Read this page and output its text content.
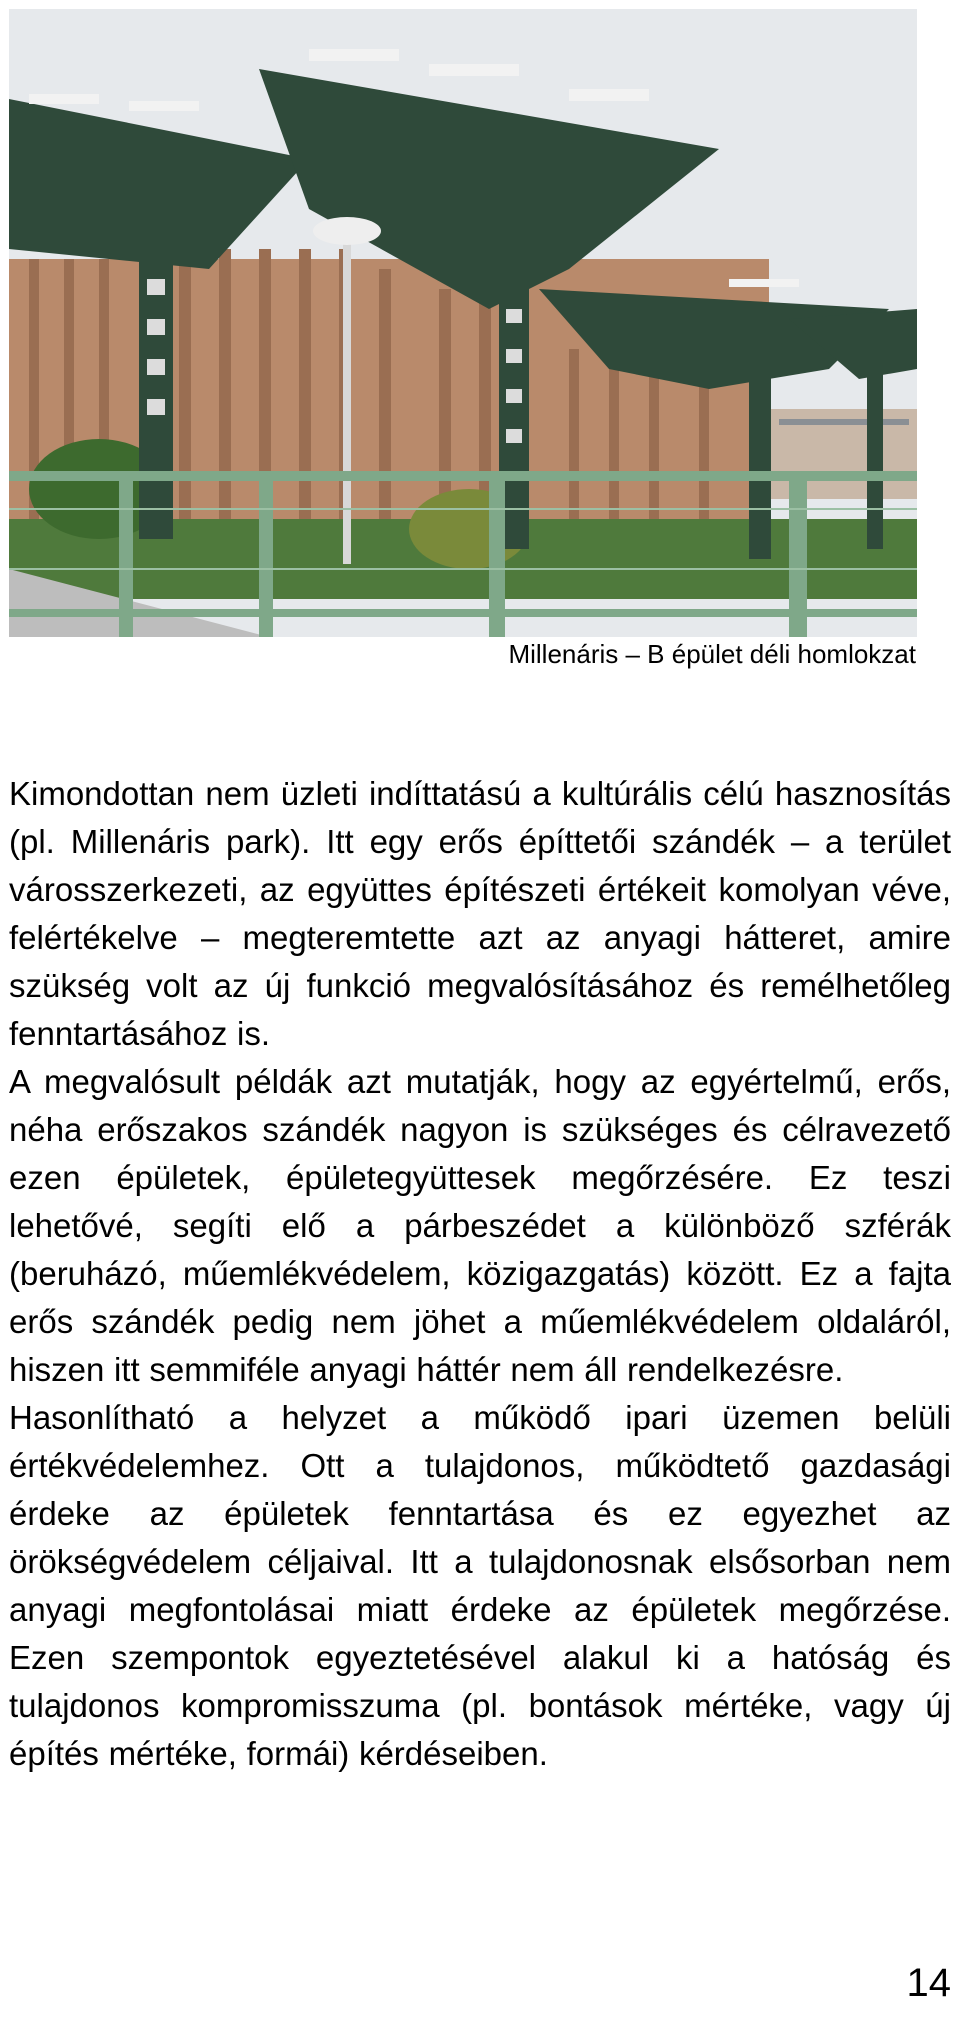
Millenáris – B épület déli homlokzat

Kimondottan nem üzleti indíttatású a kultúrális célú hasznosítás (pl. Millenáris park). Itt egy erős építtetői szándék – a terület városszerkezeti, az együttes építészeti értékeit komolyan véve, felértékelve – megteremtette azt az anyagi hátteret, amire szükség volt az új funkció megvalósításához és remélhetőleg fenntartásához is.

A megvalósult példák azt mutatják, hogy az egyértelmű, erős, néha erőszakos szándék nagyon is szükséges és célravezető ezen épületek, épületegyüttesek megőrzésére. Ez teszi lehetővé, segíti elő a párbeszédet a különböző szférák (beruházó, műemlékvédelem, közigazgatás) között. Ez a fajta erős szándék pedig nem jöhet a műemlékvédelem oldaláról, hiszen itt semmiféle anyagi háttér nem áll rendelkezésre.

Hasonlítható a helyzet a működő ipari üzemen belüli értékvédelemhez. Ott a tulajdonos, működtető gazdasági érdeke az épületek fenntartása és ez egyezhet az örökségvédelem céljaival. Itt a tulajdonosnak elsősorban nem anyagi megfontolásai miatt érdeke az épületek megőrzése. Ezen szempontok egyeztetésével alakul ki a hatóság és tulajdonos kompromisszuma (pl. bontások mértéke, vagy új építés mértéke, formái) kérdéseiben.

14
